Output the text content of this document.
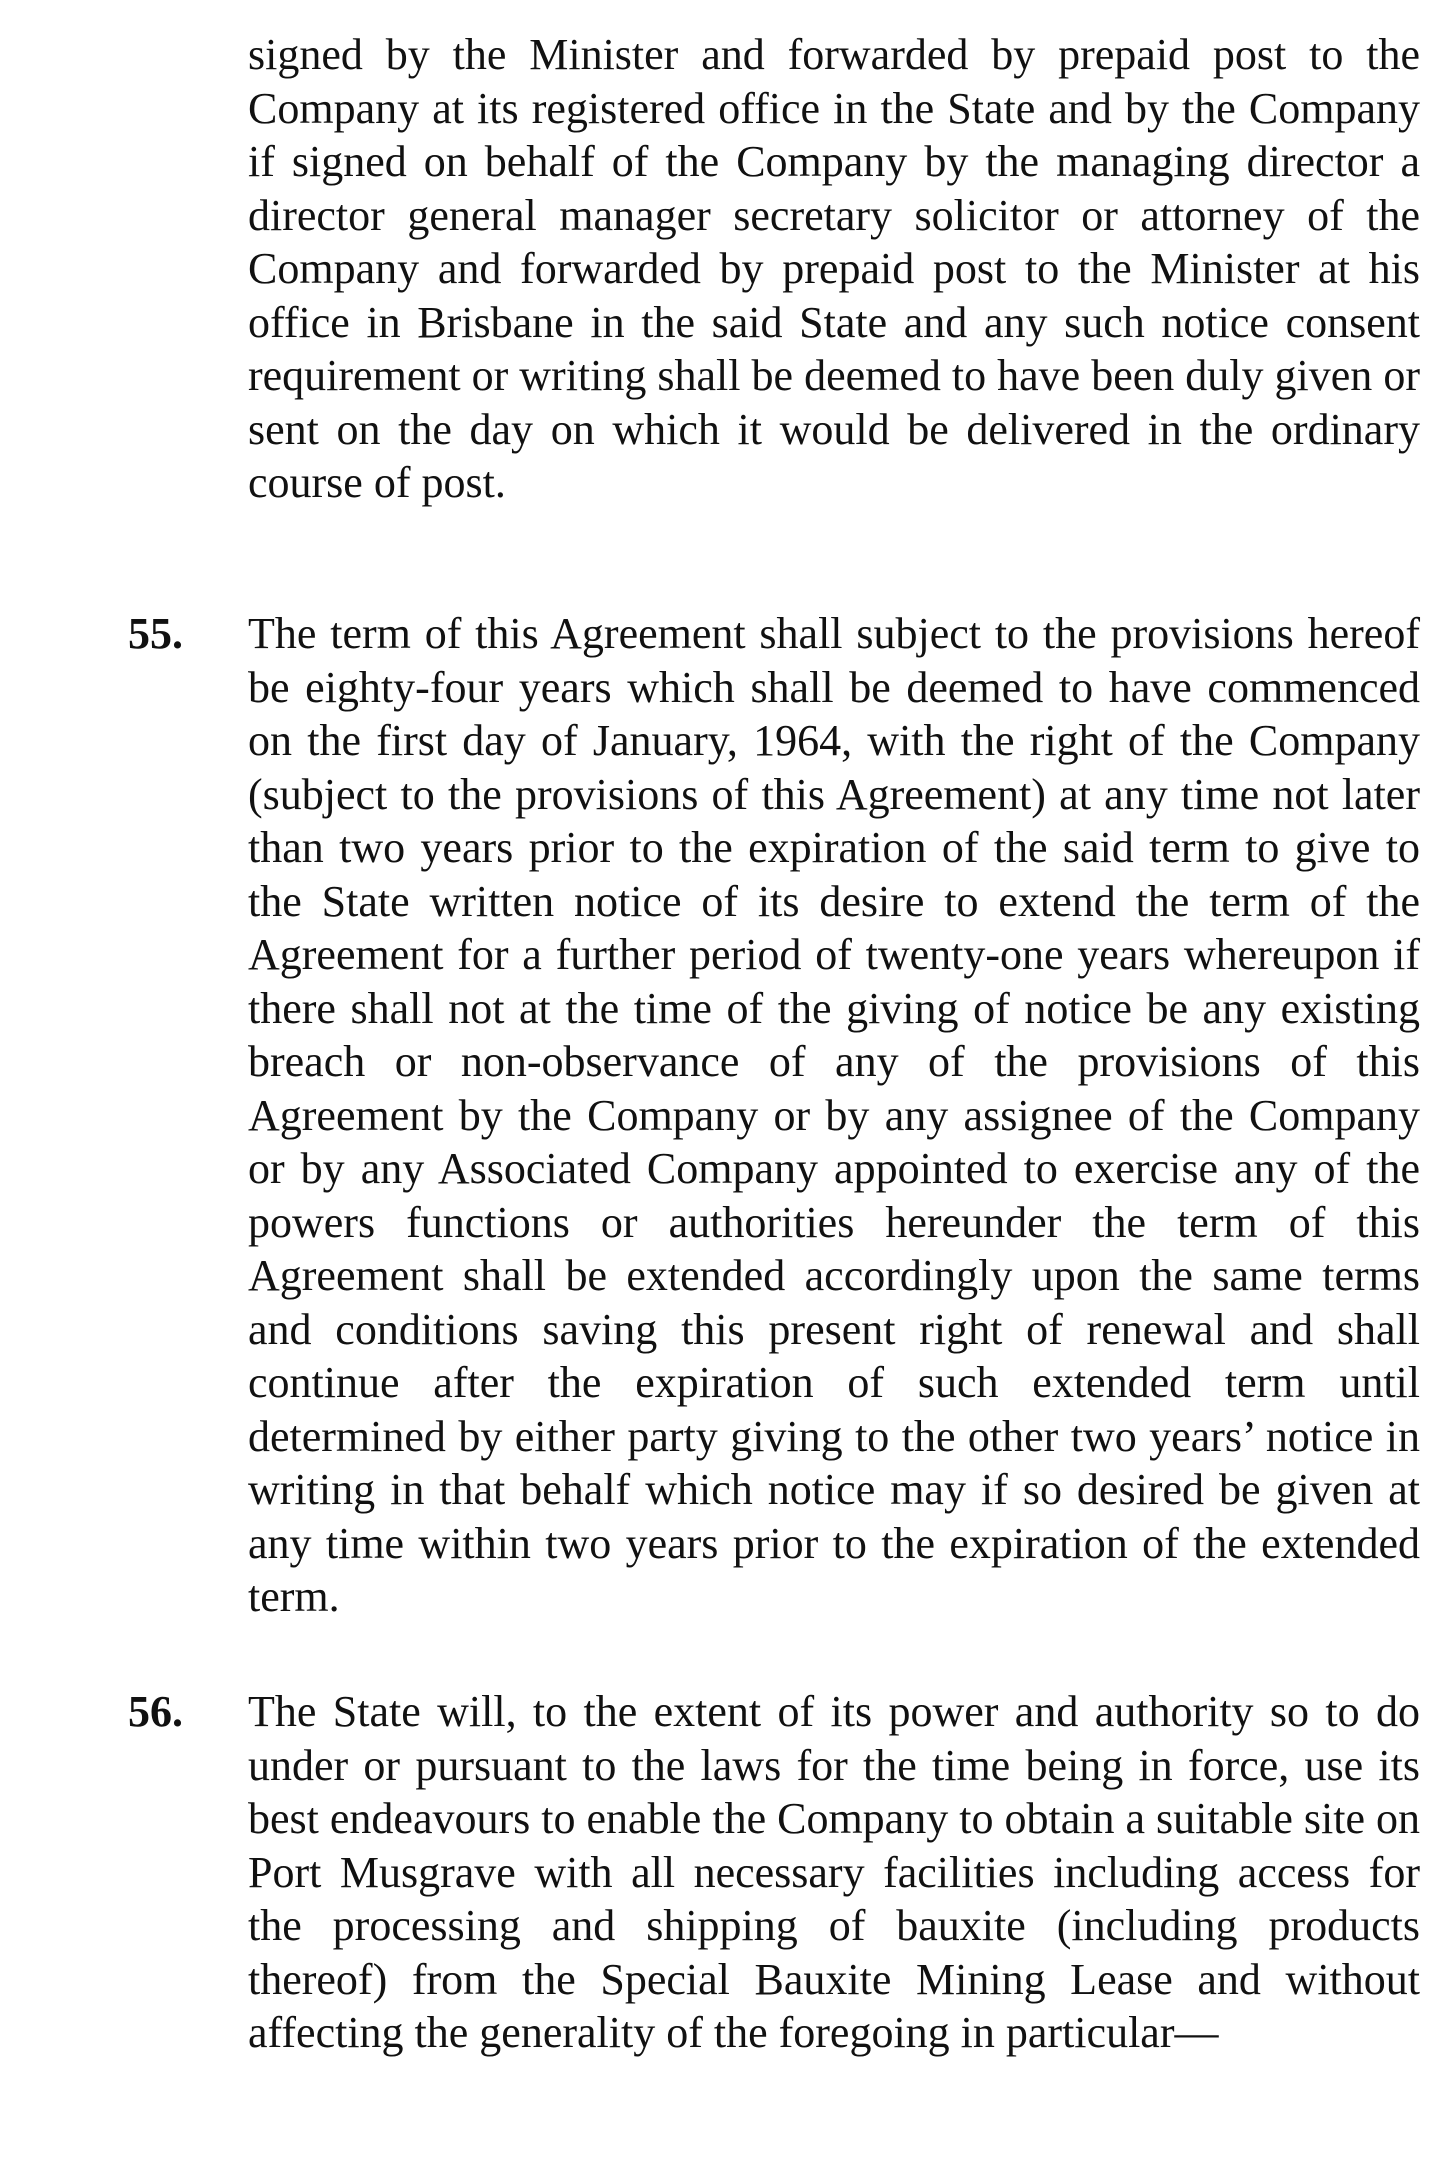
signed by the Minister and forwarded by prepaid post to the Company at its registered office in the State and by the Company if signed on behalf of the Company by the managing director a director general manager secretary solicitor or attorney of the Company and forwarded by prepaid post to the Minister at his office in Brisbane in the said State and any such notice consent requirement or writing shall be deemed to have been duly given or sent on the day on which it would be delivered in the ordinary course of post.

55. The term of this Agreement shall subject to the provisions hereof be eighty-four years which shall be deemed to have commenced on the first day of January, 1964, with the right of the Company (subject to the provisions of this Agreement) at any time not later than two years prior to the expiration of the said term to give to the State written notice of its desire to extend the term of the Agreement for a further period of twenty-one years whereupon if there shall not at the time of the giving of notice be any existing breach or non-observance of any of the provisions of this Agreement by the Company or by any assignee of the Company or by any Associated Company appointed to exercise any of the powers functions or authorities hereunder the term of this Agreement shall be extended accordingly upon the same terms and conditions saving this present right of renewal and shall continue after the expiration of such extended term until determined by either party giving to the other two years’ notice in writing in that behalf which notice may if so desired be given at any time within two years prior to the expiration of the extended term.

56. The State will, to the extent of its power and authority so to do under or pursuant to the laws for the time being in force, use its best endeavours to enable the Company to obtain a suitable site on Port Musgrave with all necessary facilities including access for the processing and shipping of bauxite (including products thereof) from the Special Bauxite Mining Lease and without affecting the generality of the foregoing in particular—
